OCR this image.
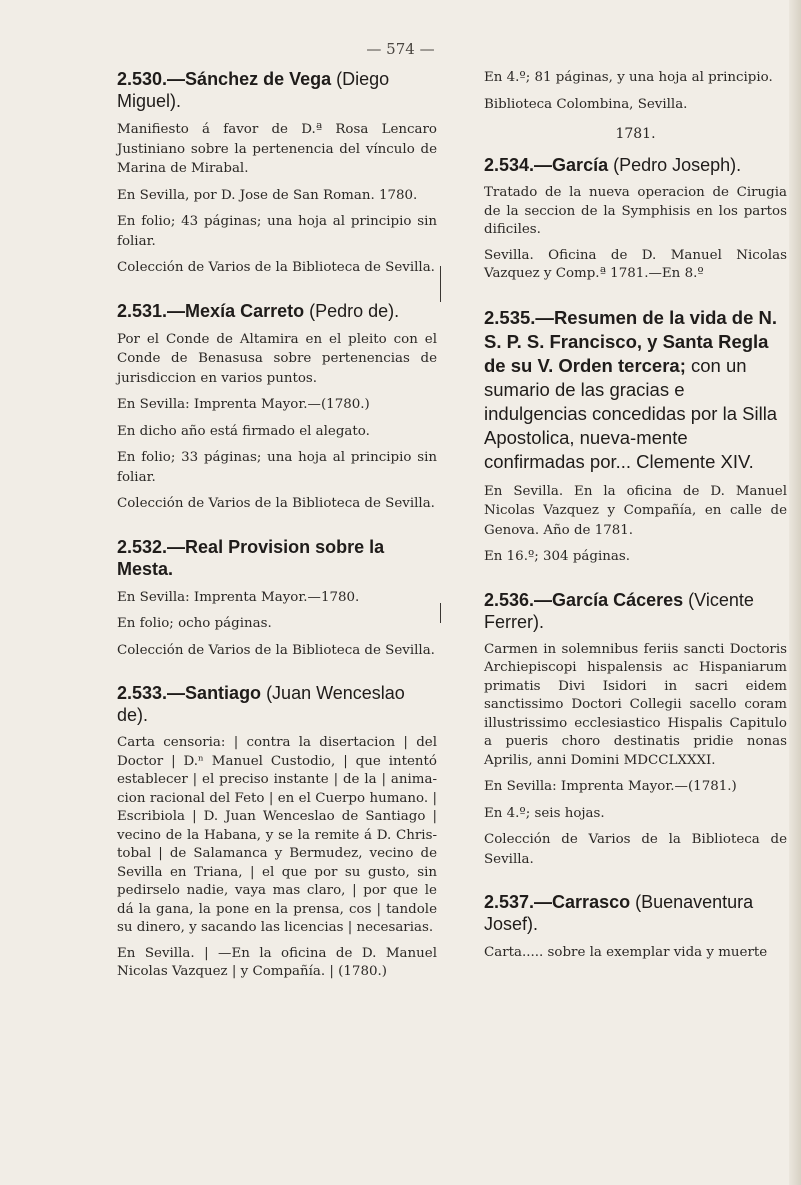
— 574 —
2.530.—Sánchez de Vega (Diego Miguel).

Manifiesto á favor de D.ª Rosa Lencaro Justiniano sobre la pertenencia del vínculo de Marina de Mirabal.

En Sevilla, por D. Jose de San Roman. 1780.

En folio; 43 páginas; una hoja al principio sin foliar.

Colección de Varios de la Biblioteca de Sevilla.

2.531.—Mexía Carreto (Pedro de).

Por el Conde de Altamira en el pleito con el Conde de Benasusa sobre pertenencias de jurisdiccion en varios puntos.

En Sevilla: Imprenta Mayor.—(1780.)

En dicho año está firmado el alegato.

En folio; 33 páginas; una hoja al principio sin foliar.

Colección de Varios de la Biblioteca de Sevilla.

2.532.—Real Provision sobre la Mesta.

En Sevilla: Imprenta Mayor.—1780.

En folio; ocho páginas.

Colección de Varios de la Biblioteca de Sevilla.

2.533.—Santiago (Juan Wenceslao de).

Carta censoria: | contra la disertacion | del Doctor | D.ⁿ Manuel Custodio, | que intentó establecer | el preciso instante | de la | anima-cion racional del Feto | en el Cuerpo humano. | Escribiola | D. Juan Wenceslao de Santiago | vecino de la Habana, y se la remite á D. Chris-tobal | de Salamanca y Bermudez, vecino de Sevilla en Triana, | el que por su gusto, sin pedirselo nadie, vaya mas claro, | por que le dá la gana, la pone en la prensa, cos | tandole su dinero, y sacando las licencias | necesarias.

En Sevilla. | —En la oficina de D. Manuel Nicolas Vazquez | y Compañía. | (1780.)

En 4.º; 81 páginas, y una hoja al principio.

Biblioteca Colombina, Sevilla.

1781.
2.534.—García (Pedro Joseph).

Tratado de la nueva operacion de Cirugia de la seccion de la Symphisis en los partos dificiles.

Sevilla. Oficina de D. Manuel Nicolas Vazquez y Comp.ª 1781.—En 8.º

2.535.—Resumen de la vida de N. S. P. S. Francisco, y Santa Regla de su V. Orden tercera; con un sumario de las gracias e indulgencias concedidas por la Silla Apostolica, nueva-mente confirmadas por... Clemente XIV.

En Sevilla. En la oficina de D. Manuel Nicolas Vazquez y Compañía, en calle de Genova. Año de 1781.

En 16.º; 304 páginas.

2.536.—García Cáceres (Vicente Ferrer).

Carmen in solemnibus feriis sancti Doctoris Archiepiscopi hispalensis ac Hispaniarum primatis Divi Isidori in sacri eidem sanctissimo Doctori Collegii sacello coram illustrissimo ecclesiastico Hispalis Capitulo a pueris choro destinatis pridie nonas Aprilis, anni Domini MDCCLXXXI.

En Sevilla: Imprenta Mayor.—(1781.)

En 4.º; seis hojas.

Colección de Varios de la Biblioteca de Sevilla.

2.537.—Carrasco (Buenaventura Josef).

Carta..... sobre la exemplar vida y muerte
